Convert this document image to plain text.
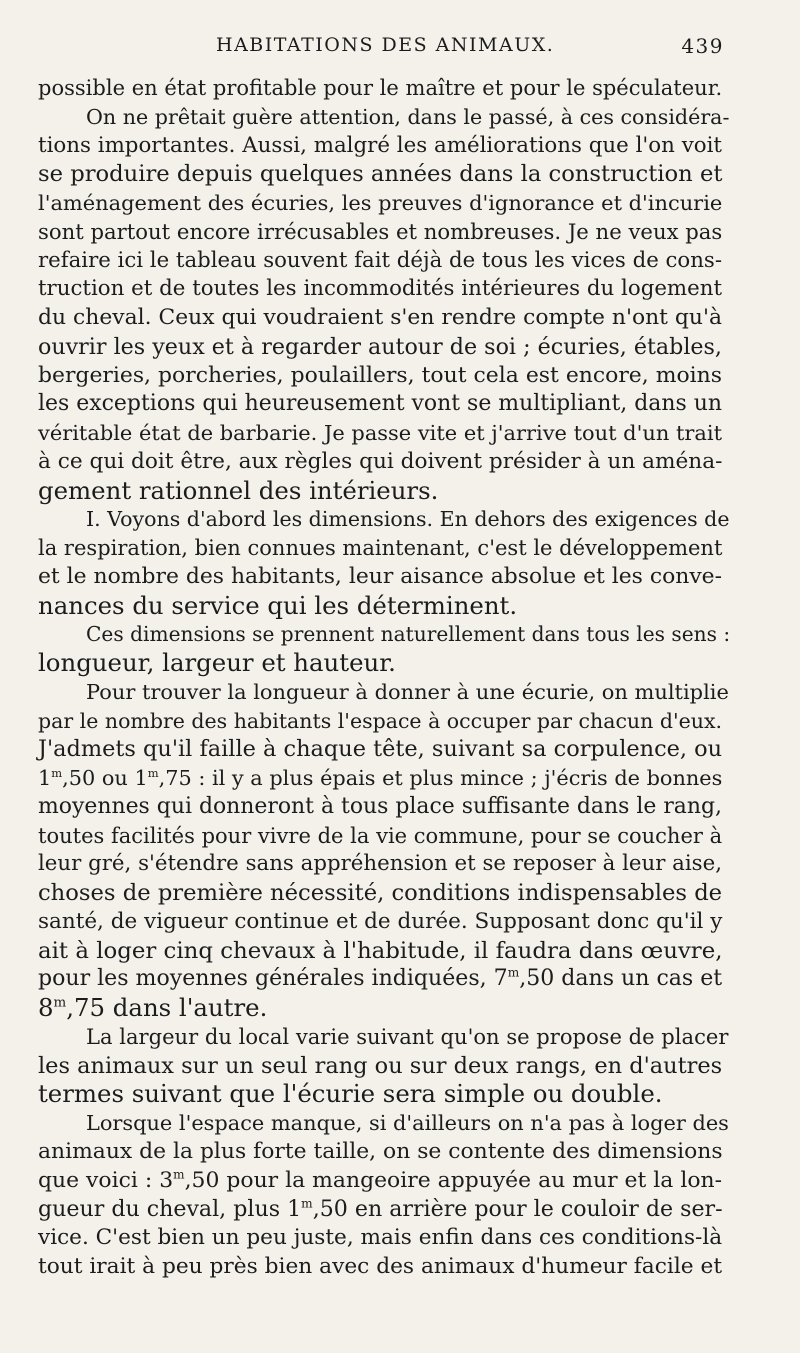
HABITATIONS DES ANIMAUX.	439

possible en état profitable pour le maître et pour le spéculateur.

On ne prêtait guère attention, dans le passé, à ces considéra-
tions importantes. Aussi, malgré les améliorations que l'on voit
se produire depuis quelques années dans la construction et
l'aménagement des écuries, les preuves d'ignorance et d'incurie
sont partout encore irrécusables et nombreuses. Je ne veux pas
refaire ici le tableau souvent fait déjà de tous les vices de cons-
truction et de toutes les incommodités intérieures du logement
du cheval. Ceux qui voudraient s'en rendre compte n'ont qu'à
ouvrir les yeux et à regarder autour de soi ; écuries, étables,
bergeries, porcheries, poulaillers, tout cela est encore, moins
les exceptions qui heureusement vont se multipliant, dans un
véritable état de barbarie. Je passe vite et j'arrive tout d'un trait
à ce qui doit être, aux règles qui doivent présider à un aména-
gement rationnel des intérieurs.

I. Voyons d'abord les dimensions. En dehors des exigences de
la respiration, bien connues maintenant, c'est le développement
et le nombre des habitants, leur aisance absolue et les conve-
nances du service qui les déterminent.

Ces dimensions se prennent naturellement dans tous les sens :
longueur, largeur et hauteur.

Pour trouver la longueur à donner à une écurie, on multiplie
par le nombre des habitants l'espace à occuper par chacun d'eux.
J'admets qu'il faille à chaque tête, suivant sa corpulence, ou
1$^m$,50 ou 1$^m$,75 : il y a plus épais et plus mince ; j'écris de bonnes
moyennes qui donneront à tous place suffisante dans le rang,
toutes facilités pour vivre de la vie commune, pour se coucher à
leur gré, s'étendre sans appréhension et se reposer à leur aise,
choses de première nécessité, conditions indispensables de
santé, de vigueur continue et de durée. Supposant donc qu'il y
ait à loger cinq chevaux à l'habitude, il faudra dans œuvre,
pour les moyennes générales indiquées, 7$^m$,50 dans un cas et
8$^m$,75 dans l'autre.

La largeur du local varie suivant qu'on se propose de placer
les animaux sur un seul rang ou sur deux rangs, en d'autres
termes suivant que l'écurie sera simple ou double.

Lorsque l'espace manque, si d'ailleurs on n'a pas à loger des
animaux de la plus forte taille, on se contente des dimensions
que voici : 3$^m$,50 pour la mangeoire appuyée au mur et la lon-
gueur du cheval, plus 1$^m$,50 en arrière pour le couloir de ser-
vice. C'est bien un peu juste, mais enfin dans ces conditions-là
tout irait à peu près bien avec des animaux d'humeur facile et
